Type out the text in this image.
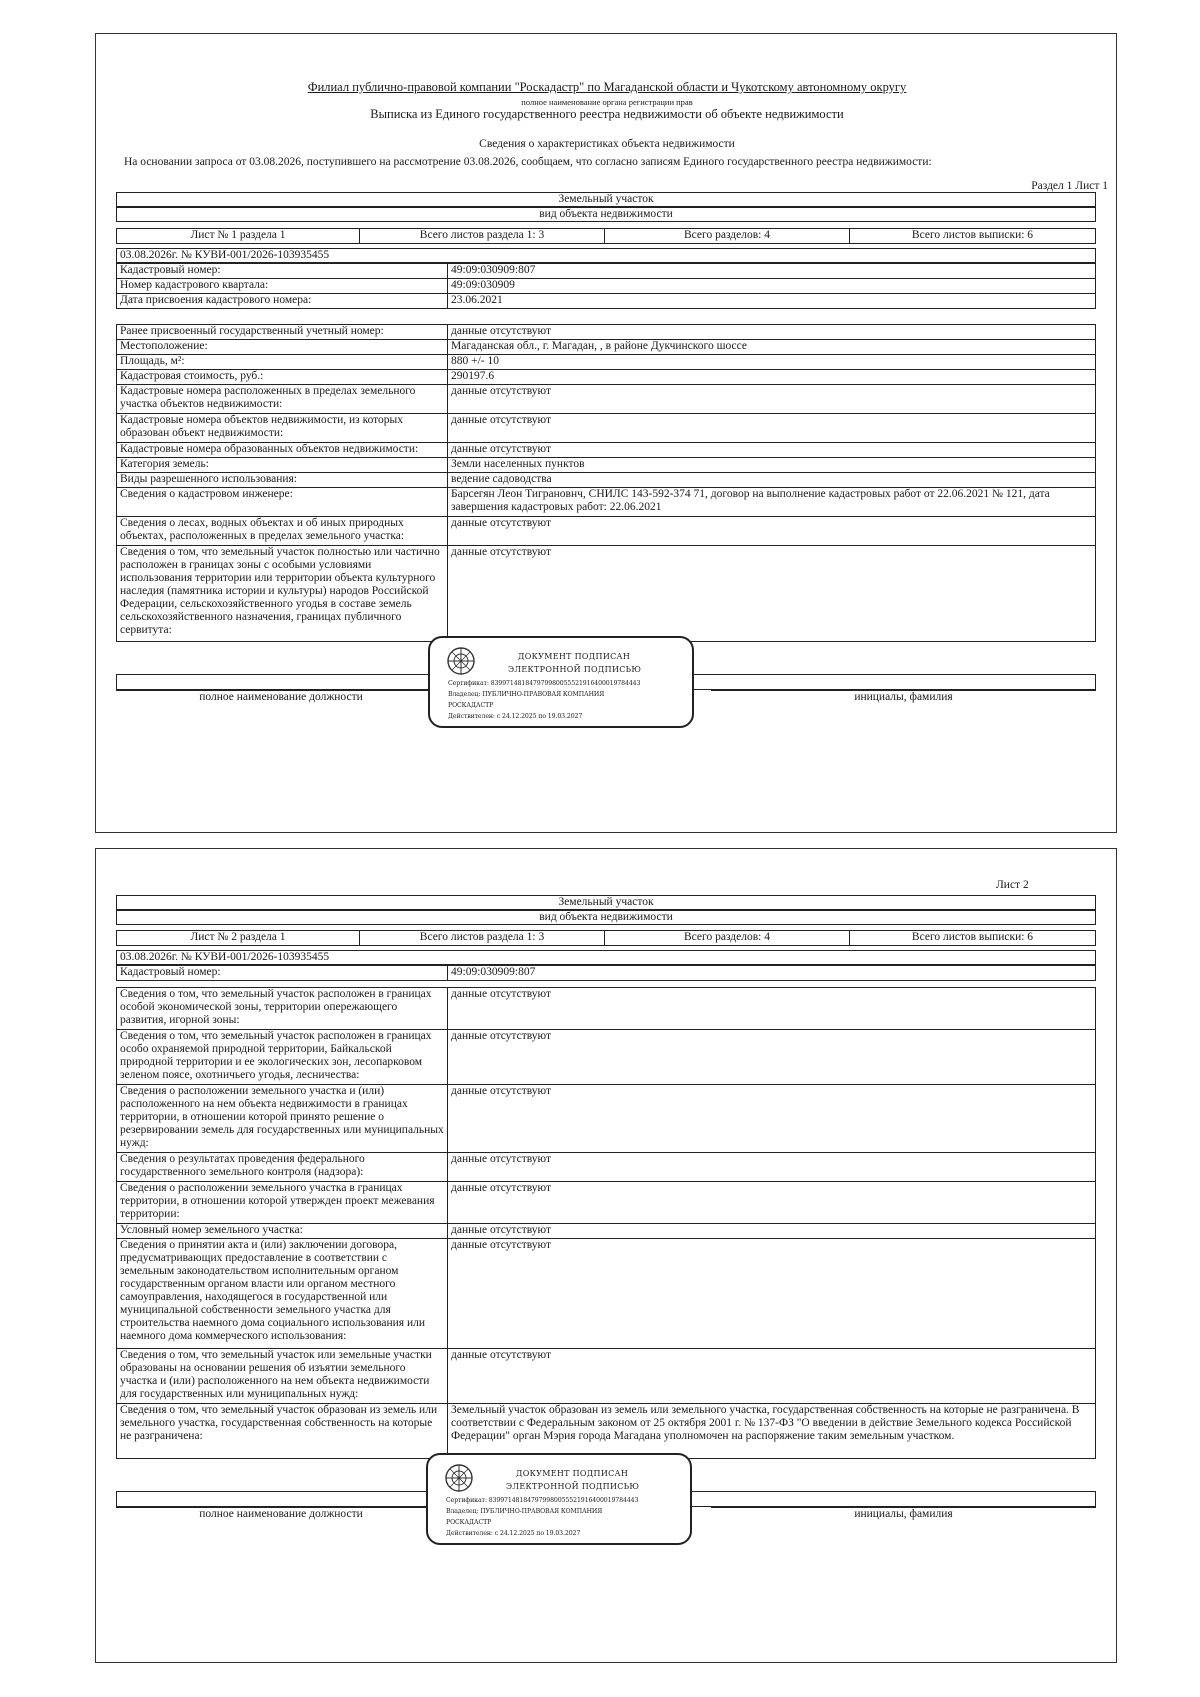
Филиал публично-правовой компании "Роскадастр" по Магаданской области и Чукотскому автономному округу
полное наименование органа регистрации прав
Выписка из Единого государственного реестра недвижимости об объекте недвижимости
Сведения о характеристиках объекта недвижимости
На основании запроса от 03.08.2026, поступившего на рассмотрение 03.08.2026, сообщаем, что согласно записям Единого государственного реестра недвижимости:
Раздел 1 Лист 1
Земельный участок
вид объекта недвижимости
Лист № 1 раздела 1	Всего листов раздела 1: 3	Всего разделов: 4	Всего листов выписки: 6
03.08.2026г. № КУВИ-001/2026-103935455
Кадастровый номер:	49:09:030909:807
Номер кадастрового квартала:	49:09:030909
Дата присвоения кадастрового номера:	23.06.2021
Ранее присвоенный государственный учетный номер:	данные отсутствуют
Местоположение:	Магаданская обл., г. Магадан, , в районе Дукчинского шоссе
Площадь, м²:	880 +/- 10
Кадастровая стоимость, руб.:	290197.6
Кадастровые номера расположенных в пределах земельного участка объектов недвижимости:	данные отсутствуют
Кадастровые номера объектов недвижимости, из которых образован объект недвижимости:	данные отсутствуют
Кадастровые номера образованных объектов недвижимости:	данные отсутствуют
Категория земель:	Земли населенных пунктов
Виды разрешенного использования:	ведение садоводства
Сведения о кадастровом инженере:	Барсегян Леон Тиграновнч, СНИЛС 143-592-374 71, договор на выполнение кадастровых работ от 22.06.2021 № 121, дата завершения кадастровых работ: 22.06.2021
Сведения о лесах, водных объектах и об иных природных объектах, расположенных в пределах земельного участка:	данные отсутствуют
Сведения о том, что земельный участок полностью или частично расположен в границах зоны с особыми условиями использования территории или территории объекта культурного наследия (памятника истории и культуры) народов Российской Федерации, сельскохозяйственного угодья в составе земель сельскохозяйственного назначения, границах публичного сервитута:	данные отсутствуют
полное наименование должности	инициалы, фамилия
ДОКУМЕНТ ПОДПИСАН
ЭЛЕКТРОННОЙ ПОДПИСЬЮ
Сертификат: 839971481847979980055521916400019784443
Владелец: ПУБЛИЧНО-ПРАВОВАЯ КОМПАНИЯ
РОСКАДАСТР
Действителен: с 24.12.2025 по 19.03.2027
Лист 2
Земельный участок
вид объекта недвижимости
Лист № 2 раздела 1	Всего листов раздела 1: 3	Всего разделов: 4	Всего листов выписки: 6
03.08.2026г. № КУВИ-001/2026-103935455
Кадастровый номер:	49:09:030909:807
Сведения о том, что земельный участок расположен в границах особой экономической зоны, территории опережающего развития, игорной зоны:	данные отсутствуют
Сведения о том, что земельный участок расположен в границах особо охраняемой природной территории, Байкальской природной территории и ее экологических зон, лесопарковом зеленом поясе, охотничьего угодья, лесничества:	данные отсутствуют
Сведения о расположении земельного участка и (или) расположенного на нем объекта недвижимости в границах территории, в отношении которой принято решение о резервировании земель для государственных или муниципальных нужд:	данные отсутствуют
Сведения о результатах проведения федерального государственного земельного контроля (надзора):	данные отсутствуют
Сведения о расположении земельного участка в границах территории, в отношении которой утвержден проект межевания территории:	данные отсутствуют
Условный номер земельного участка:	данные отсутствуют
Сведения о принятии акта и (или) заключении договора, предусматривающих предоставление в соответствии с земельным законодательством исполнительным органом государственным органом власти или органом местного самоуправления, находящегося в государственной или муниципальной собственности земельного участка для строительства наемного дома социального использования или наемного дома коммерческого использования:	данные отсутствуют
Сведения о том, что земельный участок или земельные участки образованы на основании решения об изъятии земельного участка и (или) расположенного на нем объекта недвижимости для государственных или муниципальных нужд:	данные отсутствуют
Сведения о том, что земельный участок образован из земель или земельного участка, государственная собственность на которые не разграничена:	Земельный участок образован из земель или земельного участка, государственная собственность на которые не разграничена. В соответствии с Федеральным законом от 25 октября 2001 г. № 137-ФЗ "О введении в действие Земельного кодекса Российской Федерации" орган Мэрия города Магадана уполномочен на распоряжение таким земельным участком.
полное наименование должности	инициалы, фамилия
ДОКУМЕНТ ПОДПИСАН
ЭЛЕКТРОННОЙ ПОДПИСЬЮ
Сертификат: 839971481847979980055521916400019784443
Владелец: ПУБЛИЧНО-ПРАВОВАЯ КОМПАНИЯ
РОСКАДАСТР
Действителен: с 24.12.2025 по 19.03.2027
